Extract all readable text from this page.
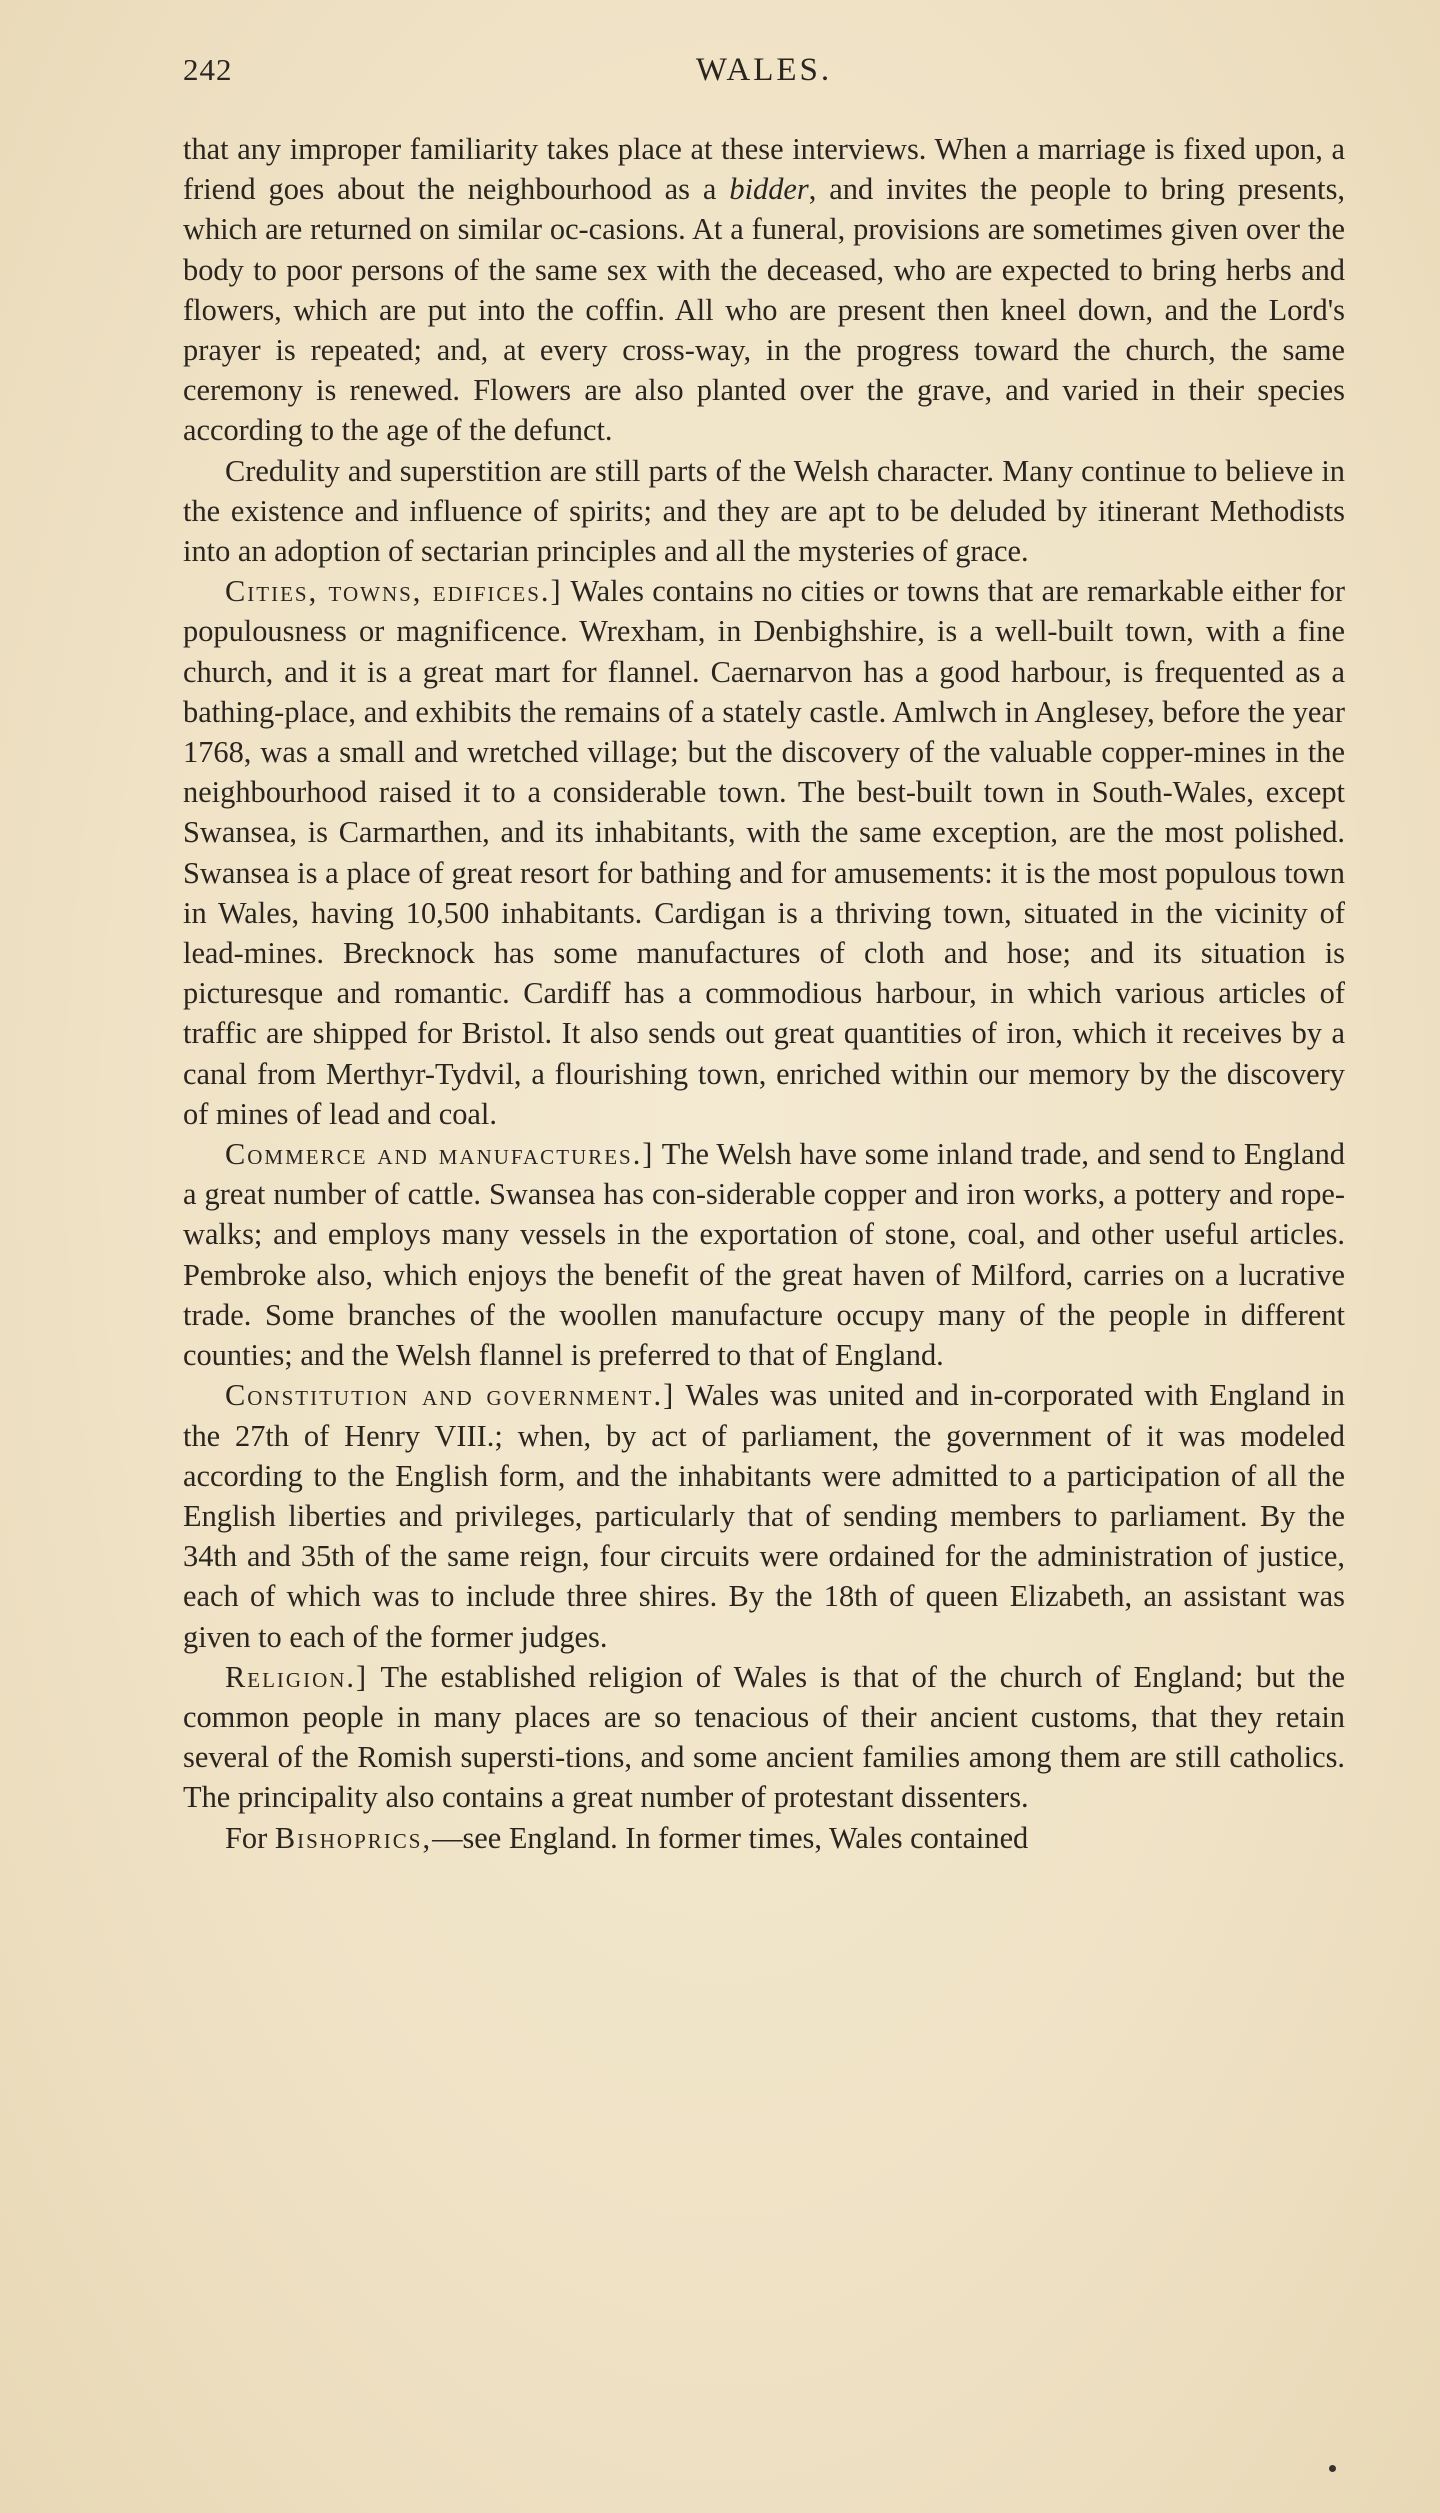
242	WALES.

that any improper familiarity takes place at these interviews. When a marriage is fixed upon, a friend goes about the neighbourhood as a bidder, and invites the people to bring presents, which are returned on similar oc-casions. At a funeral, provisions are sometimes given over the body to poor persons of the same sex with the deceased, who are expected to bring herbs and flowers, which are put into the coffin. All who are present then kneel down, and the Lord's prayer is repeated; and, at every cross-way, in the progress toward the church, the same ceremony is renewed. Flowers are also planted over the grave, and varied in their species according to the age of the defunct.

Credulity and superstition are still parts of the Welsh character. Many continue to believe in the existence and influence of spirits; and they are apt to be deluded by itinerant Methodists into an adoption of sectarian principles and all the mysteries of grace.

Cities, towns, edifices.] Wales contains no cities or towns that are remarkable either for populousness or magnificence. Wrexham, in Denbighshire, is a well-built town, with a fine church, and it is a great mart for flannel. Caernarvon has a good harbour, is frequented as a bathing-place, and exhibits the remains of a stately castle. Amlwch in Anglesey, before the year 1768, was a small and wretched village; but the discovery of the valuable copper-mines in the neighbourhood raised it to a considerable town. The best-built town in South-Wales, except Swansea, is Carmarthen, and its inhabitants, with the same exception, are the most polished. Swansea is a place of great resort for bathing and for amusements: it is the most populous town in Wales, having 10,500 inhabitants. Cardigan is a thriving town, situated in the vicinity of lead-mines. Brecknock has some manufactures of cloth and hose; and its situation is picturesque and romantic. Cardiff has a commodious harbour, in which various articles of traffic are shipped for Bristol. It also sends out great quantities of iron, which it receives by a canal from Merthyr-Tydvil, a flourishing town, enriched within our memory by the discovery of mines of lead and coal.

Commerce and manufactures.] The Welsh have some inland trade, and send to England a great number of cattle. Swansea has con-siderable copper and iron works, a pottery and rope-walks; and employs many vessels in the exportation of stone, coal, and other useful articles. Pembroke also, which enjoys the benefit of the great haven of Milford, carries on a lucrative trade. Some branches of the woollen manufacture occupy many of the people in different counties; and the Welsh flannel is preferred to that of England.

Constitution and government.] Wales was united and in-corporated with England in the 27th of Henry VIII.; when, by act of parliament, the government of it was modeled according to the English form, and the inhabitants were admitted to a participation of all the English liberties and privileges, particularly that of sending members to parliament. By the 34th and 35th of the same reign, four circuits were ordained for the administration of justice, each of which was to include three shires. By the 18th of queen Elizabeth, an assistant was given to each of the former judges.

Religion.] The established religion of Wales is that of the church of England; but the common people in many places are so tenacious of their ancient customs, that they retain several of the Romish supersti-tions, and some ancient families among them are still catholics. The principality also contains a great number of protestant dissenters.

For Bishoprics,—see England. In former times, Wales contained
